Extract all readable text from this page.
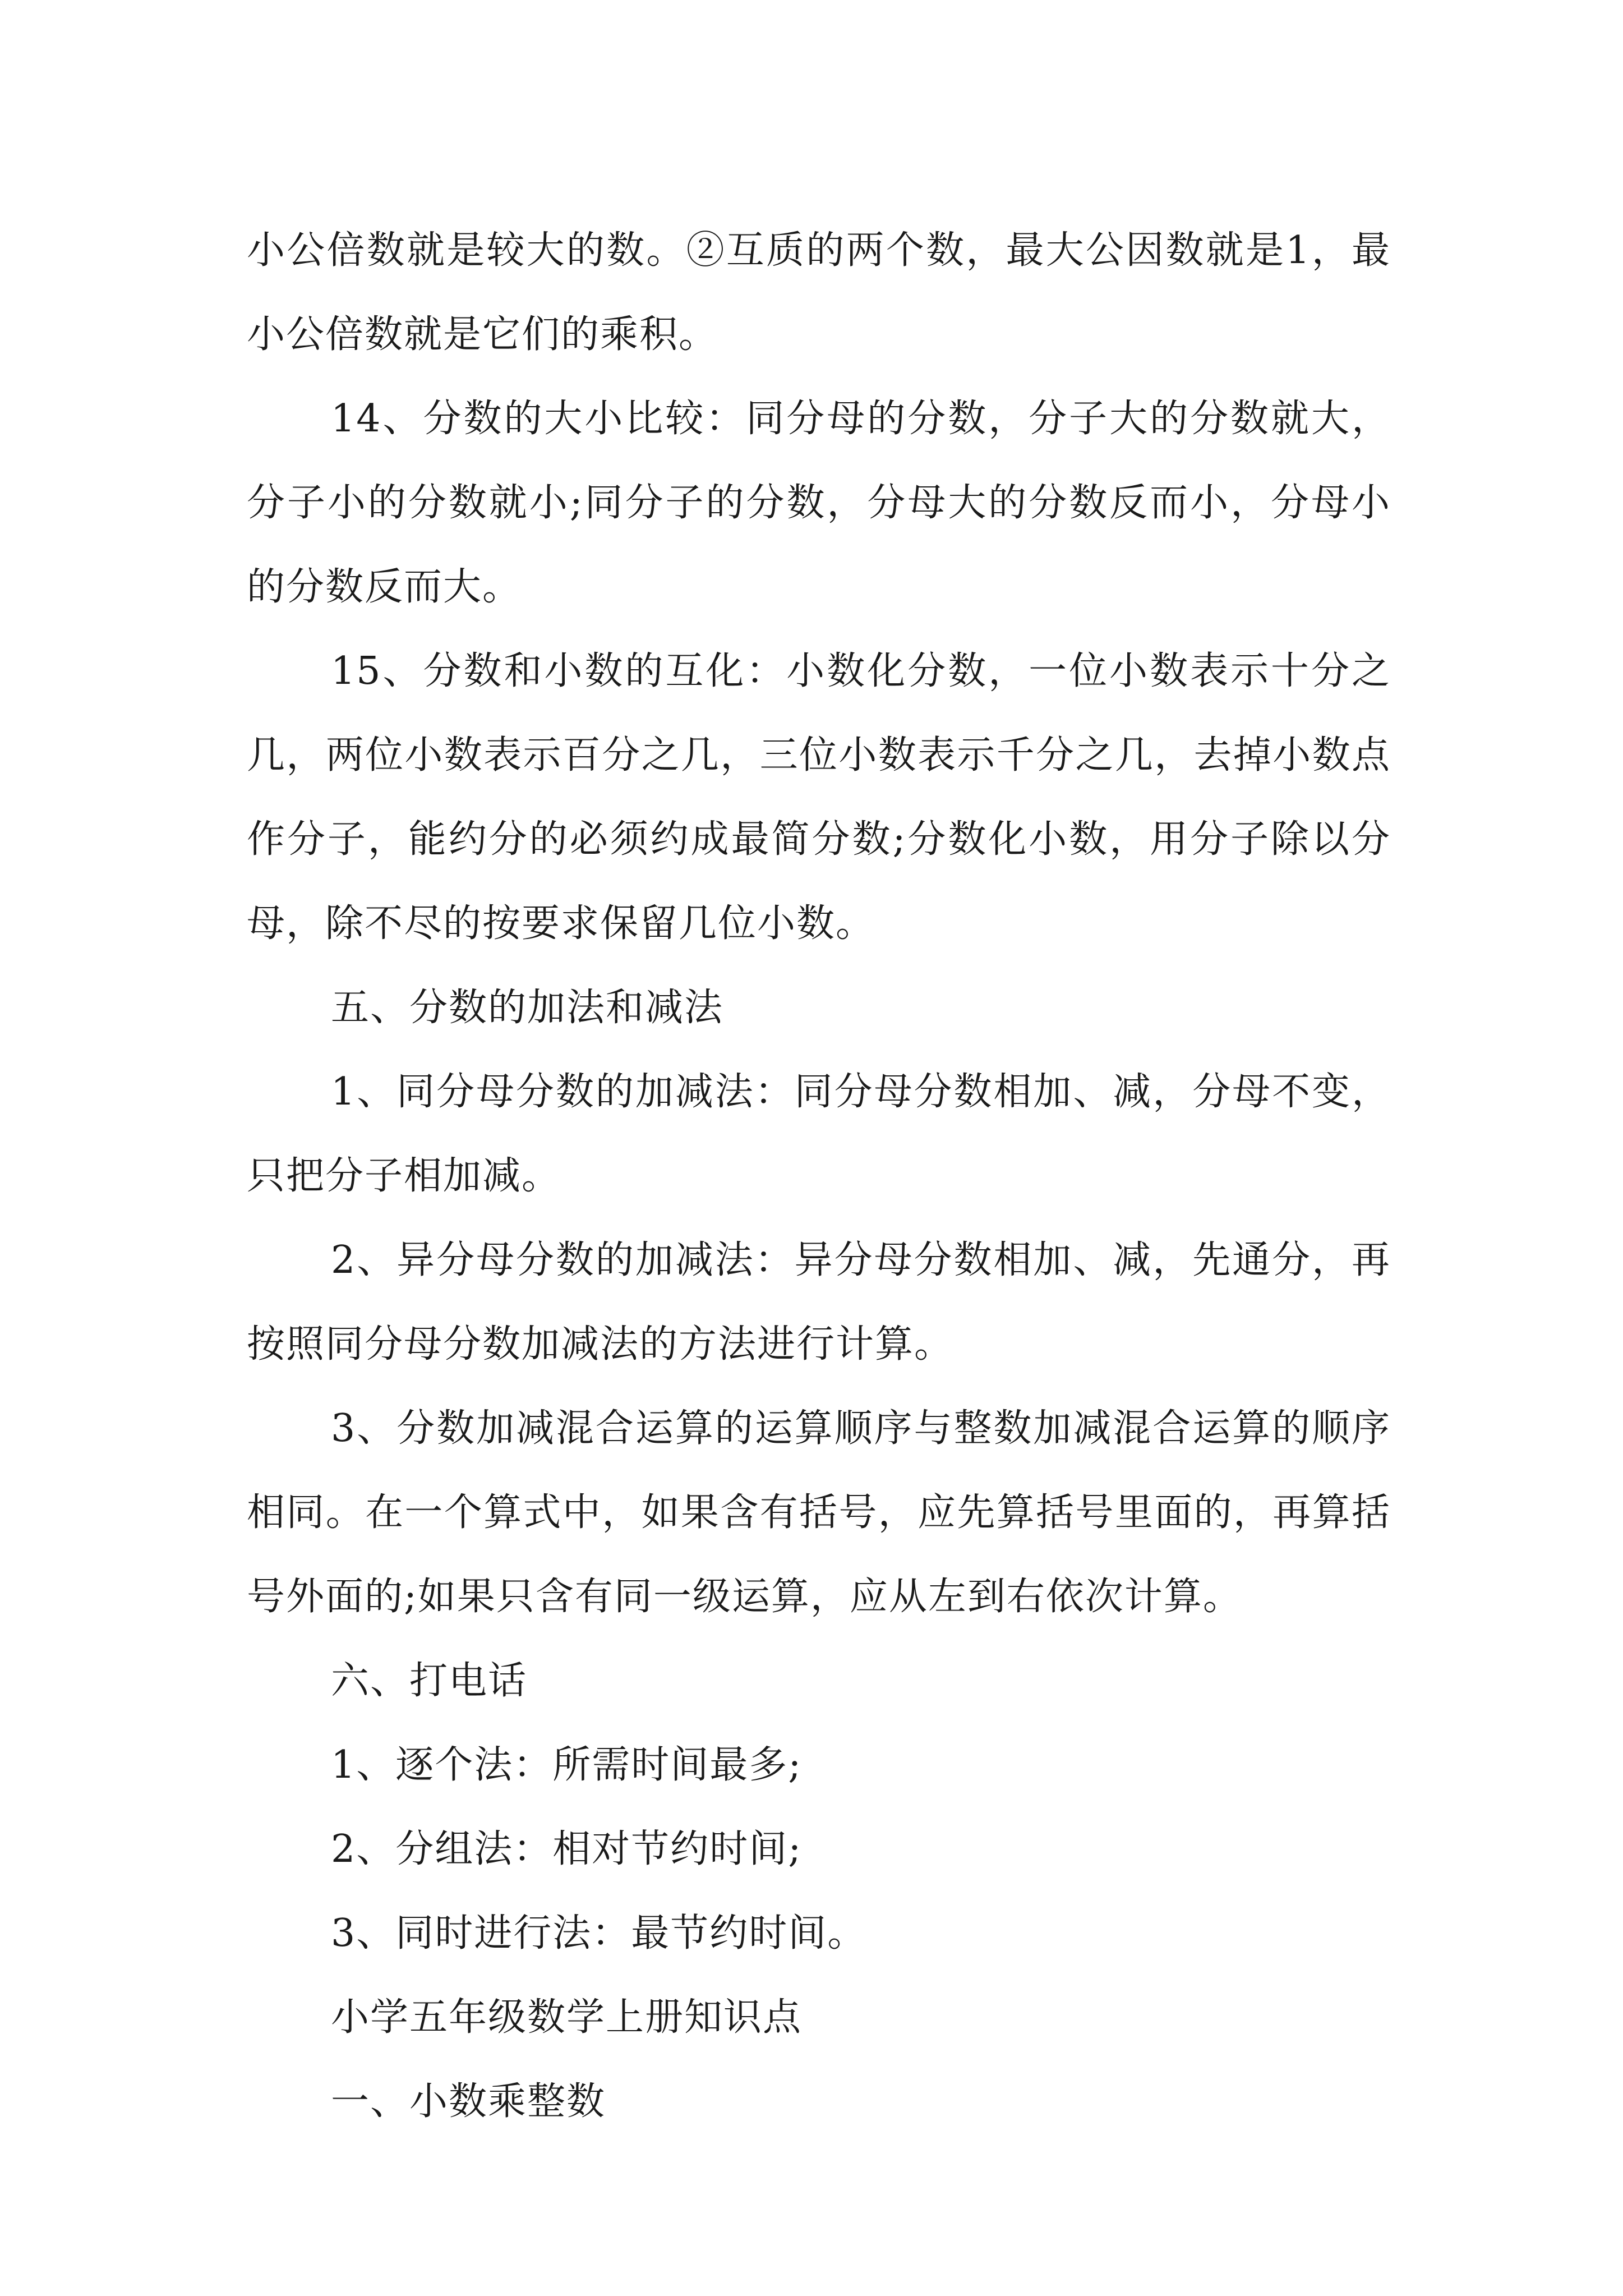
小公倍数就是较大的数。②互质的两个数，最大公因数就是1，最小公倍数就是它们的乘积。

14、分数的大小比较：同分母的分数，分子大的分数就大，分子小的分数就小;同分子的分数，分母大的分数反而小，分母小的分数反而大。

15、分数和小数的互化：小数化分数，一位小数表示十分之几，两位小数表示百分之几，三位小数表示千分之几，去掉小数点作分子，能约分的必须约成最简分数;分数化小数，用分子除以分母，除不尽的按要求保留几位小数。

五、分数的加法和减法

1、同分母分数的加减法：同分母分数相加、减，分母不变，只把分子相加减。

2、异分母分数的加减法：异分母分数相加、减，先通分，再按照同分母分数加减法的方法进行计算。

3、分数加减混合运算的运算顺序与整数加减混合运算的顺序相同。在一个算式中，如果含有括号，应先算括号里面的，再算括号外面的;如果只含有同一级运算，应从左到右依次计算。

六、打电话

1、逐个法：所需时间最多;

2、分组法：相对节约时间;

3、同时进行法：最节约时间。

小学五年级数学上册知识点

一、小数乘整数
